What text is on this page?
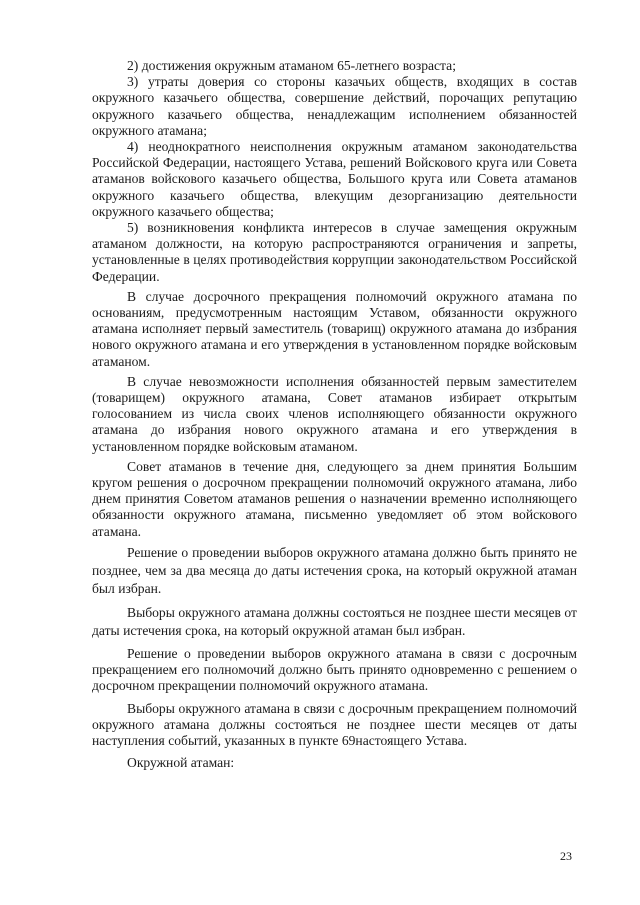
2) достижения окружным атаманом 65-летнего возраста;

3) утраты доверия со стороны казачьих обществ, входящих в состав окружного казачьего общества, совершение действий, порочащих репутацию окружного казачьего общества, ненадлежащим исполнением обязанностей окружного атамана;

4) неоднократного неисполнения окружным атаманом законодательства Российской Федерации, настоящего Устава, решений Войскового круга или Совета атаманов войскового казачьего общества, Большого круга или Совета атаманов окружного казачьего общества, влекущим дезорганизацию деятельности окружного казачьего общества;

5) возникновения конфликта интересов в случае замещения окружным атаманом должности, на которую распространяются ограничения и запреты, установленные в целях противодействия коррупции законодательством Российской Федерации.

В случае досрочного прекращения полномочий окружного атамана по основаниям, предусмотренным настоящим Уставом, обязанности окружного атамана исполняет первый заместитель (товарищ) окружного атамана до избрания нового окружного атамана и его утверждения в установленном порядке войсковым атаманом.

В случае невозможности исполнения обязанностей первым заместителем (товарищем) окружного атамана, Совет атаманов избирает открытым голосованием из числа своих членов исполняющего обязанности окружного атамана до избрания нового окружного атамана и его утверждения в установленном порядке войсковым атаманом.

Совет атаманов в течение дня, следующего за днем принятия Большим кругом решения о досрочном прекращении полномочий окружного атамана, либо днем принятия Советом атаманов решения о назначении временно исполняющего обязанности окружного атамана, письменно уведомляет об этом войскового атамана.

Решение о проведении выборов окружного атамана должно быть принято не позднее, чем за два месяца до даты истечения срока, на который окружной атаман был избран.

Выборы окружного атамана должны состояться не позднее шести месяцев от даты истечения срока, на который окружной атаман был избран.

Решение о проведении выборов окружного атамана в связи с досрочным прекращением его полномочий должно быть принято одновременно с решением о досрочном прекращении полномочий окружного атамана.

Выборы окружного атамана в связи с досрочным прекращением полномочий окружного атамана должны состояться не позднее шести месяцев от даты наступления событий, указанных в пункте 69настоящего Устава.

Окружной атаман:

23
